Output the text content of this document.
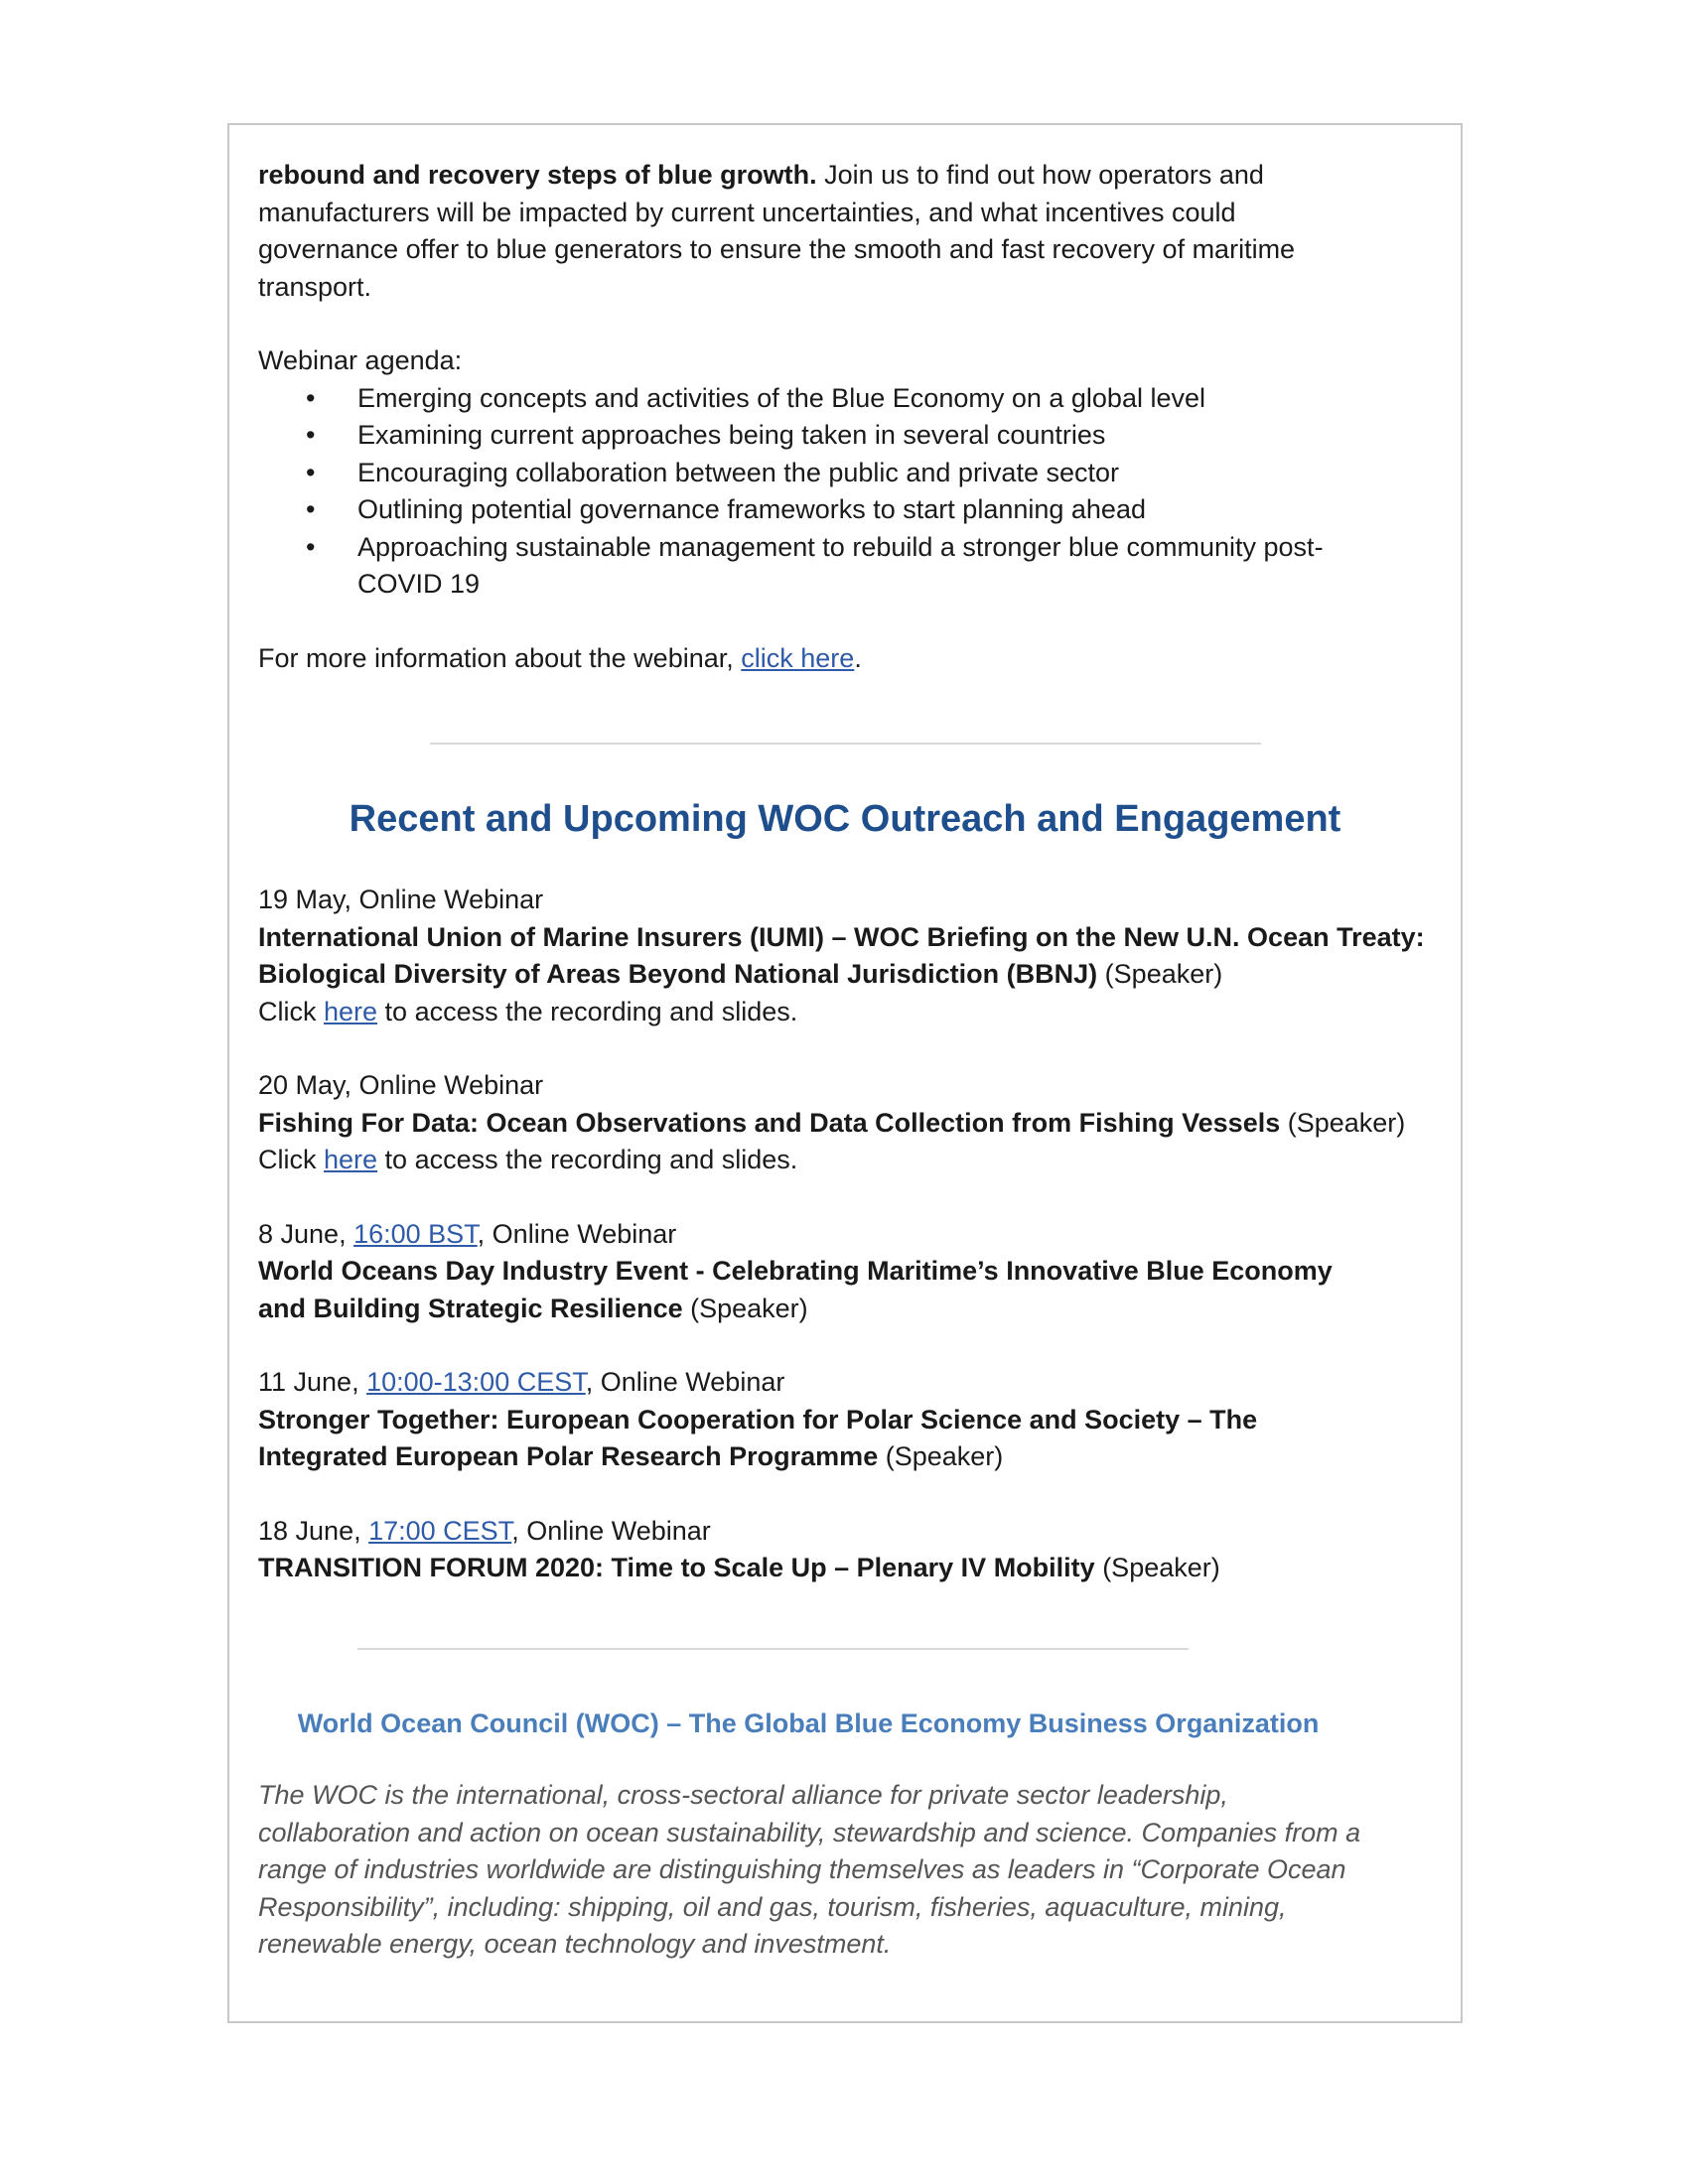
rebound and recovery steps of blue growth. Join us to find out how operators and manufacturers will be impacted by current uncertainties, and what incentives could governance offer to blue generators to ensure the smooth and fast recovery of maritime transport.

Webinar agenda:

• Emerging concepts and activities of the Blue Economy on a global level
• Examining current approaches being taken in several countries
• Encouraging collaboration between the public and private sector
• Outlining potential governance frameworks to start planning ahead
• Approaching sustainable management to rebuild a stronger blue community post-COVID 19

For more information about the webinar, click here.

Recent and Upcoming WOC Outreach and Engagement

19 May, Online Webinar

International Union of Marine Insurers (IUMI) – WOC Briefing on the New U.N. Ocean Treaty: Biological Diversity of Areas Beyond National Jurisdiction (BBNJ) (Speaker)

Click here to access the recording and slides.

20 May, Online Webinar

Fishing For Data: Ocean Observations and Data Collection from Fishing Vessels (Speaker)

Click here to access the recording and slides.

8 June, 16:00 BST, Online Webinar

World Oceans Day Industry Event - Celebrating Maritime’s Innovative Blue Economy and Building Strategic Resilience (Speaker)

11 June, 10:00-13:00 CEST, Online Webinar

Stronger Together: European Cooperation for Polar Science and Society – The Integrated European Polar Research Programme (Speaker)

18 June, 17:00 CEST, Online Webinar

TRANSITION FORUM 2020: Time to Scale Up – Plenary IV Mobility (Speaker)

World Ocean Council (WOC) – The Global Blue Economy Business Organization

The WOC is the international, cross-sectoral alliance for private sector leadership, collaboration and action on ocean sustainability, stewardship and science. Companies from a range of industries worldwide are distinguishing themselves as leaders in “Corporate Ocean Responsibility”, including: shipping, oil and gas, tourism, fisheries, aquaculture, mining, renewable energy, ocean technology and investment.
